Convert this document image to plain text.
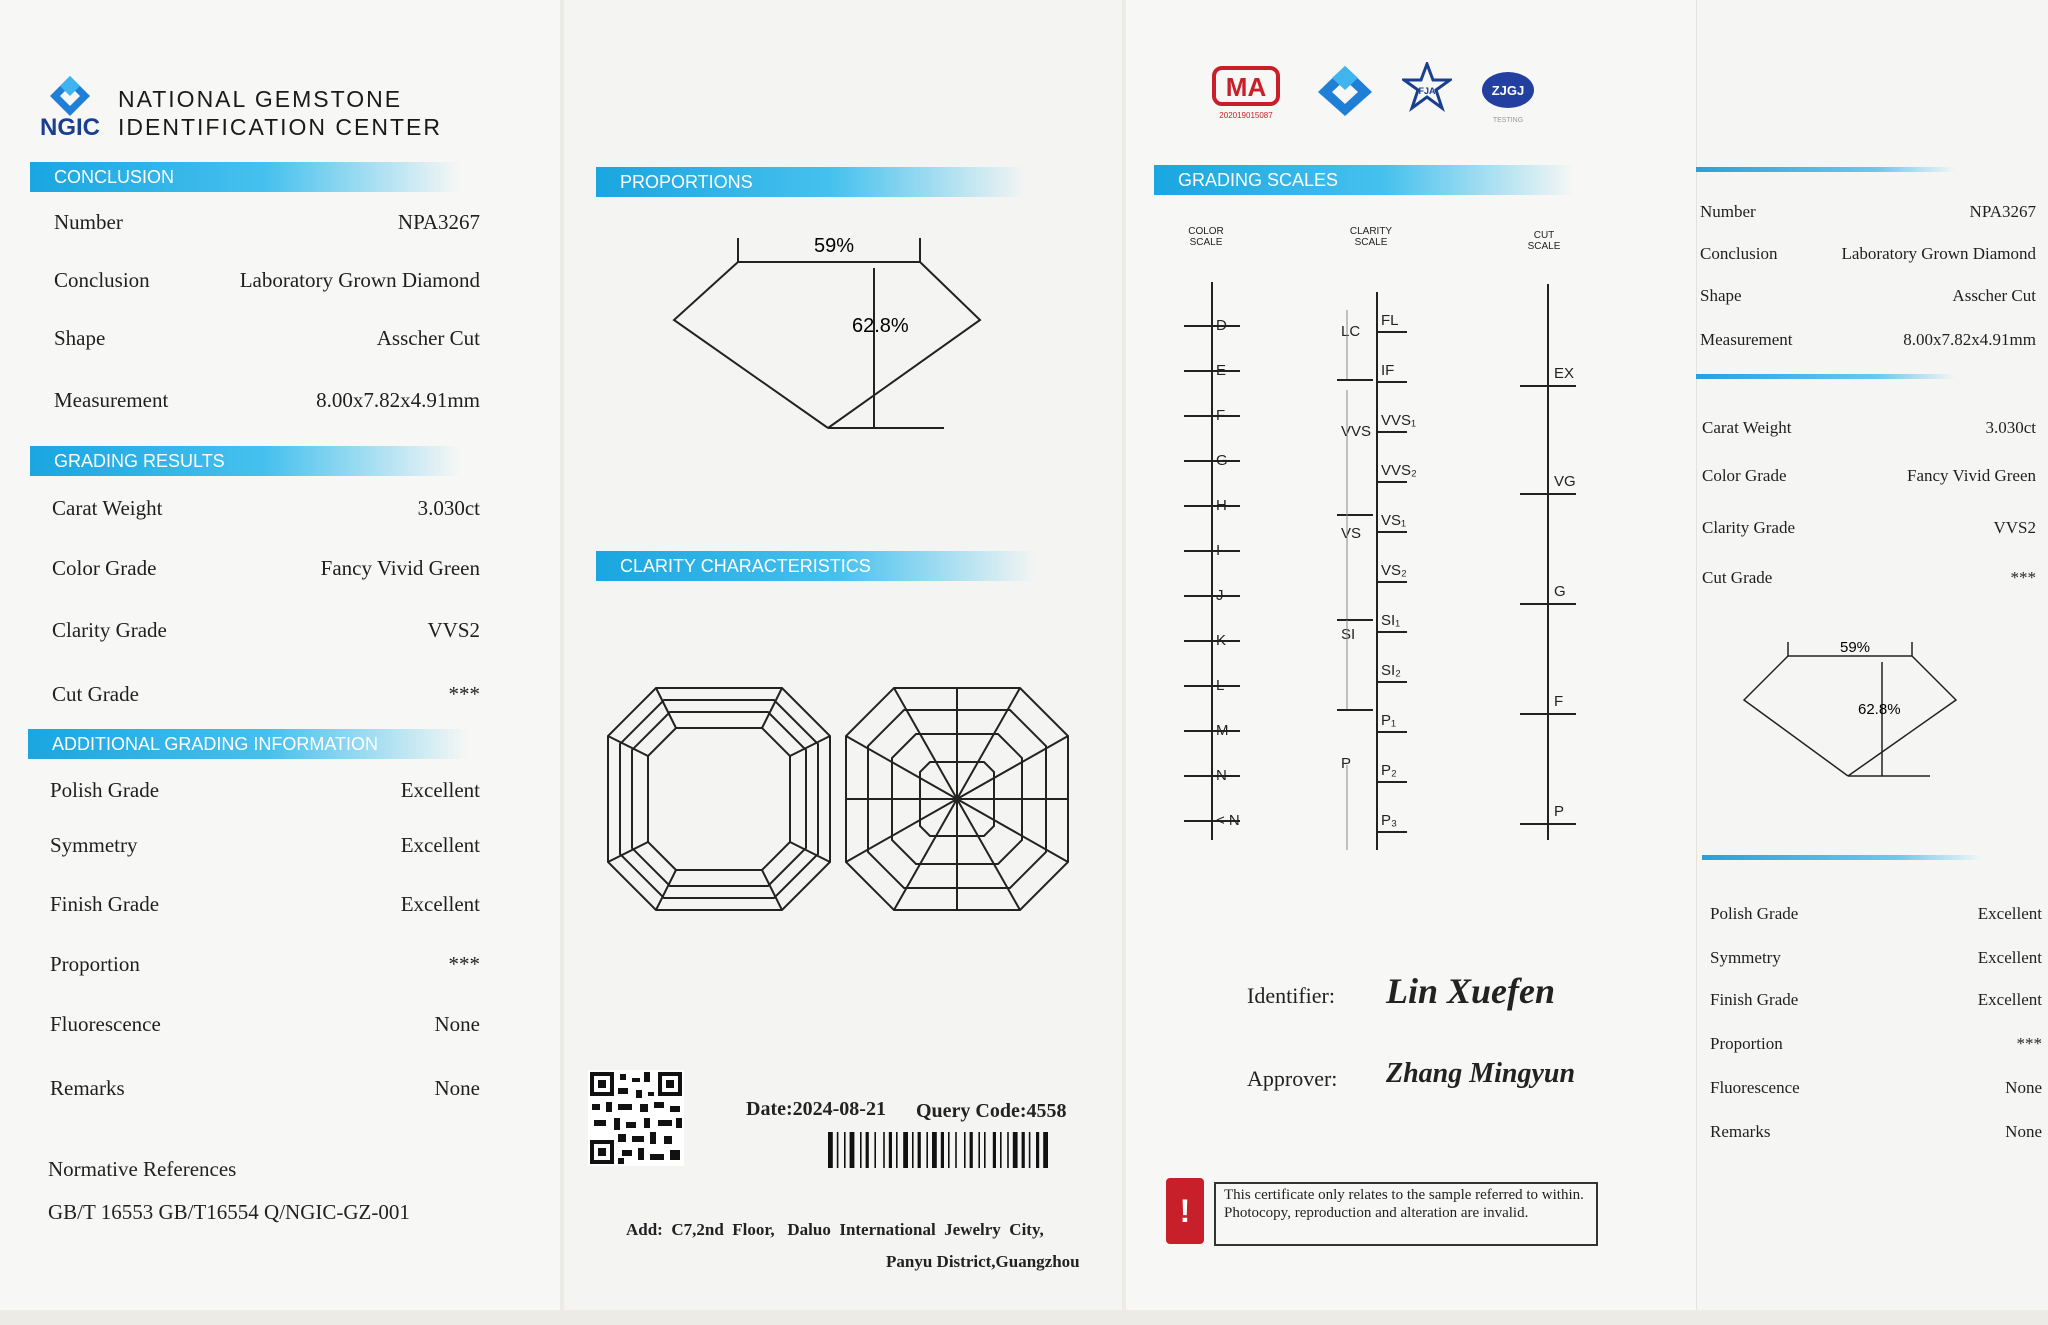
NGIC
NATIONAL GEMSTONE
IDENTIFICATION CENTER
CONCLUSION
Number	NPA3267
Conclusion	Laboratory Grown Diamond
Shape	Asscher Cut
Measurement	8.00x7.82x4.91mm
GRADING RESULTS
Carat Weight	3.030ct
Color Grade	Fancy Vivid Green
Clarity Grade	VVS2
Cut Grade	***
ADDITIONAL GRADING INFORMATION
Polish Grade	Excellent
Symmetry	Excellent
Finish Grade	Excellent
Proportion	***
Fluorescence	None
Remarks	None
Normative References
GB/T 16553 GB/T16554 Q/NGIC-GZ-001
PROPORTIONS
59%
62.8%
CLARITY CHARACTERISTICS
Date:2024-08-21 Query Code:4558
Add:  C7,2nd  Floor,   Daluo  International  Jewelry  City,
Panyu District,Guangzhou
MA
202019015087
FJA	ZJGJ
TESTING
GRADING SCALES
COLOR
SCALE
CLARITY
SCALE
CUT
SCALE
D
E
F
G
H
I
J
K
L
M
N
< N
FL
IF
VVS₁
VVS₂
VS₁
VS₂
SI₁
SI₂
P₁
P₂
P₃
LC
VVS
VS
SI
P
EX
VG
G
F
P
Identifier: Lin Xuefen
Approver: Zhang Mingyun
!	This certificate only relates to the sample referred to within. Photocopy, reproduction and alteration are invalid.
Number	NPA3267
Conclusion	Laboratory Grown Diamond
Shape	Asscher Cut
Measurement	8.00x7.82x4.91mm
Carat Weight	3.030ct
Color Grade	Fancy Vivid Green
Clarity Grade	VVS2
Cut Grade	***
59%
62.8%
Polish Grade	Excellent
Symmetry	Excellent
Finish Grade	Excellent
Proportion	***
Fluorescence	None
Remarks	None
